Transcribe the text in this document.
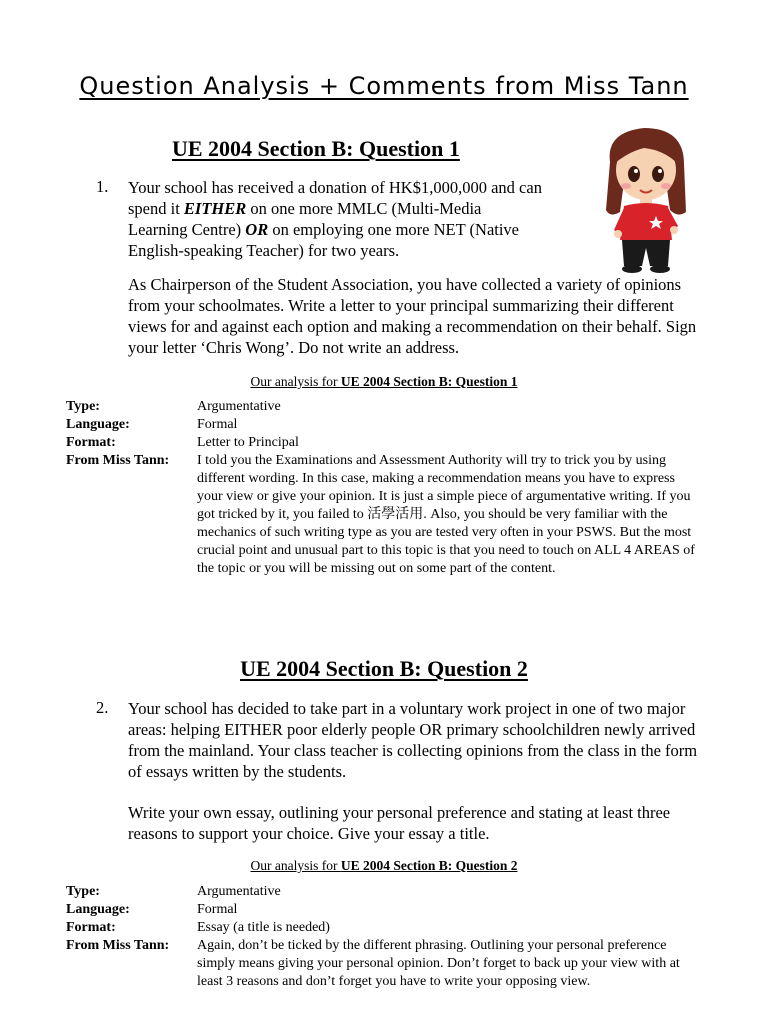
Question Analysis + Comments from Miss Tann
UE 2004 Section B: Question 1
1. Your school has received a donation of HK$1,000,000 and can spend it EITHER on one more MMLC (Multi-Media Learning Centre) OR on employing one more NET (Native English-speaking Teacher) for two years.

As Chairperson of the Student Association, you have collected a variety of opinions from your schoolmates. Write a letter to your principal summarizing their different views for and against each option and making a recommendation on their behalf. Sign your letter ‘Chris Wong’. Do not write an address.

Our analysis for UE 2004 Section B: Question 1

Type:	Argumentative
Language:	Formal
Format:	Letter to Principal
From Miss Tann:	I told you the Examinations and Assessment Authority will try to trick you by using different wording. In this case, making a recommendation means you have to express your view or give your opinion. It is just a simple piece of argumentative writing. If you got tricked by it, you failed to 活學活用. Also, you should be very familiar with the mechanics of such writing type as you are tested very often in your PSWS. But the most crucial point and unusual part to this topic is that you need to touch on ALL 4 AREAS of the topic or you will be missing out on some part of the content.
UE 2004 Section B: Question 2
2. Your school has decided to take part in a voluntary work project in one of two major areas: helping EITHER poor elderly people OR primary schoolchildren newly arrived from the mainland. Your class teacher is collecting opinions from the class in the form of essays written by the students.

Write your own essay, outlining your personal preference and stating at least three reasons to support your choice. Give your essay a title.

Our analysis for UE 2004 Section B: Question 2

Type:	Argumentative
Language:	Formal
Format:	Essay (a title is needed)
From Miss Tann:	Again, don’t be ticked by the different phrasing. Outlining your personal preference simply means giving your personal opinion. Don’t forget to back up your view with at least 3 reasons and don’t forget you have to write your opposing view.
